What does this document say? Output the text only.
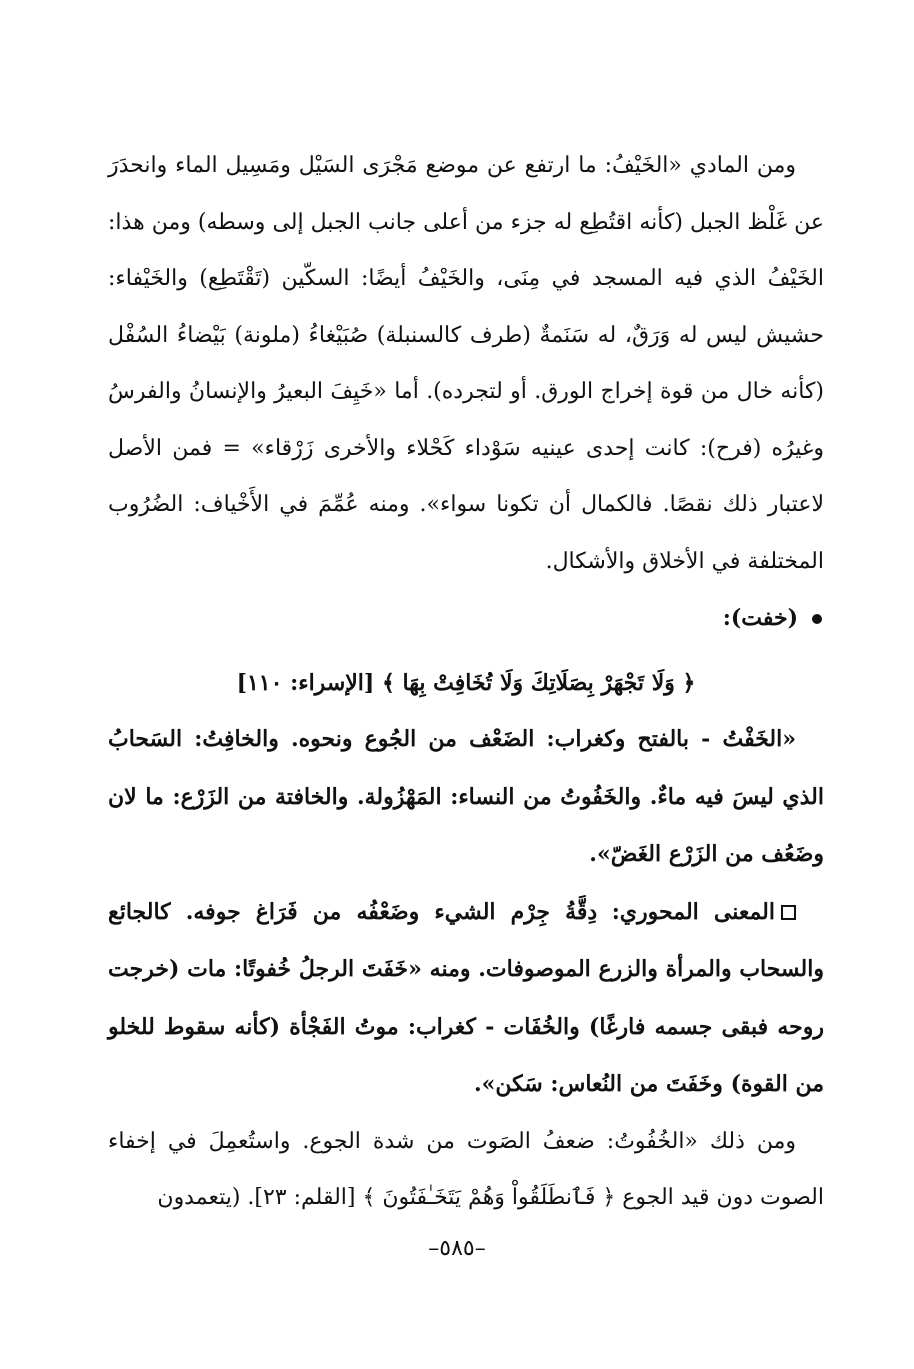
ومن المادي «الخَيْفُ: ما ارتفع عن موضع مَجْرَى السَيْل ومَسِيل الماء وانحدَرَ عن غَلْظ الجبل (كأنه اقتُطِع له جزء من أعلى جانب الجبل إلى وسطه) ومن هذا: الخَيْفُ الذي فيه المسجد في مِنَى، والخَيْفُ أيضًا: السكّين (تَقْتَطِع) والخَيْفاء: حشيش ليس له وَرَقٌ، له سَنَمةٌ (طرف كالسنبلة) صُبَيْغاءُ (ملونة) بَيْضاءُ السُفْل (كأنه خال من قوة إخراج الورق. أو لتجرده). أما «خَيِفَ البعيرُ والإنسانُ والفرسُ وغيرُه (فرح): كانت إحدى عينيه سَوْداء كَحْلاء والأخرى زَرْقاء» = فمن الأصل لاعتبار ذلك نقصًا. فالكمال أن تكونا سواء». ومنه عُمِّمَ في الأَخْياف: الضُرُوب المختلفة في الأخلاق والأشكال.

(خفت):

﴿ وَلَا تَجْهَرْ بِصَلَاتِكَ وَلَا تُخَافِتْ بِهَا ﴾ [الإسراء: ١١٠]

«الخَفْتُ - بالفتح وكغراب: الضَعْف من الجُوع ونحوه. والخافِتُ: السَحابُ الذي ليسَ فيه ماءٌ. والخَفُوتُ من النساء: المَهْزُولة. والخافتة من الزَرْع: ما لان وضَعُف من الزَرْع الغَضّ».

المعنى المحوري: دِقَّةُ جِرْم الشيء وضَعْفُه من فَرَاغ جوفه. كالجائع والسحاب والمرأة والزرع الموصوفات. ومنه «خَفَتَ الرجلُ خُفوتًا: مات (خرجت روحه فبقى جسمه فارغًا) والخُفَات - كغراب: موتُ الفَجْأة (كأنه سقوط للخلو من القوة) وخَفَتَ من النُعاس: سَكن».

ومن ذلك «الخُفُوتُ: ضعفُ الصَوت من شدة الجوع. واستُعمِلَ في إخفاء الصوت دون قيد الجوع ﴿ فَٱنطَلَقُواْ وَهُمْ يَتَخَـٰفَتُونَ ﴾ [القلم: ٢٣]. (يتعمدون

–٥٨٥–
